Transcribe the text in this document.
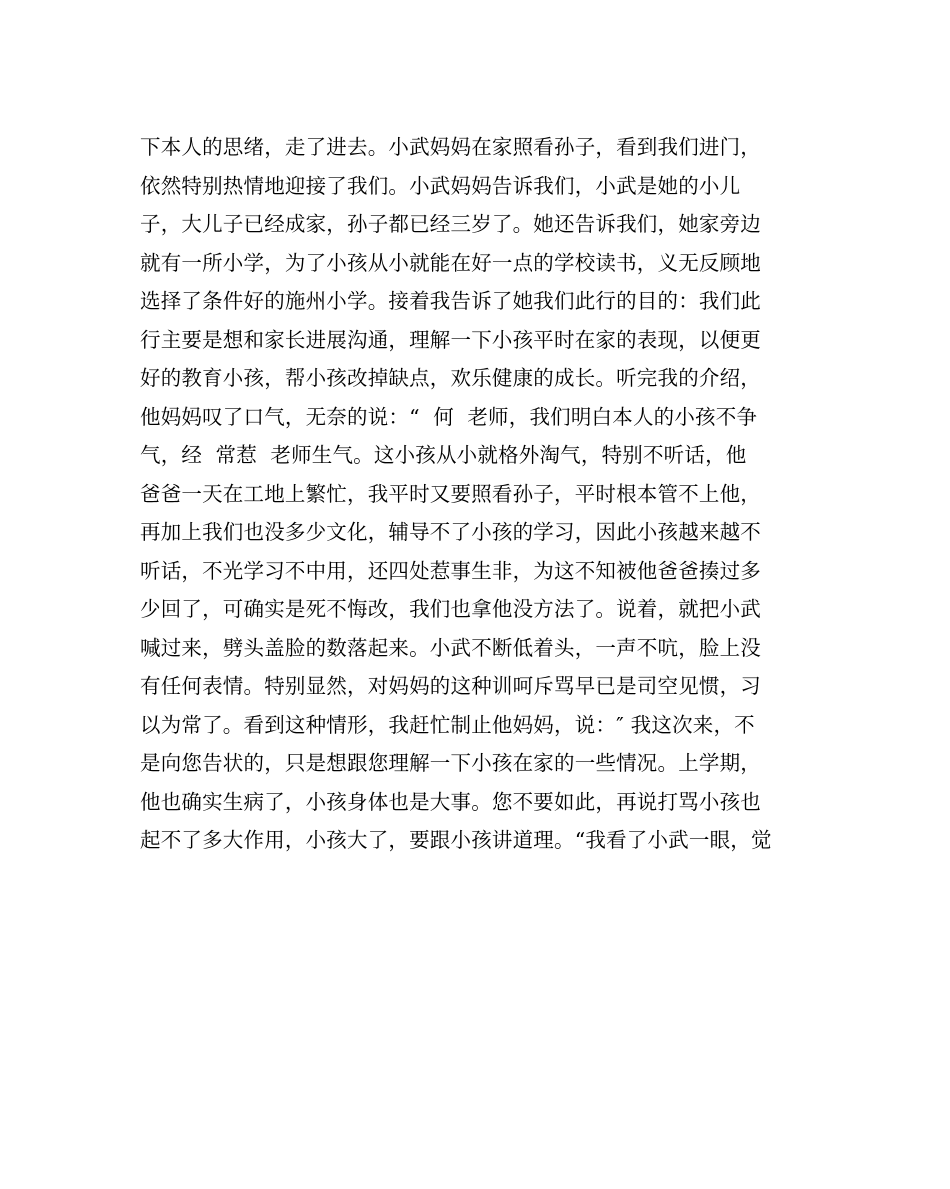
下本人的思绪，走了进去。小武妈妈在家照看孙子，看到我们进门，
依然特别热情地迎接了我们。小武妈妈告诉我们，小武是她的小儿
子，大儿子已经成家，孙子都已经三岁了。她还告诉我们，她家旁边
就有一所小学，为了小孩从小就能在好一点的学校读书，义无反顾地
选择了条件好的施州小学。接着我告诉了她我们此行的目的：我们此
行主要是想和家长进展沟通，理解一下小孩平时在家的表现，以便更
好的教育小孩，帮小孩改掉缺点，欢乐健康的成长。听完我的介绍，
他妈妈叹了口气，无奈的说：“  何  老师，我们明白本人的小孩不争
气，经  常惹  老师生气。这小孩从小就格外淘气，特别不听话，他
爸爸一天在工地上繁忙，我平时又要照看孙子，平时根本管不上他，
再加上我们也没多少文化，辅导不了小孩的学习，因此小孩越来越不
听话，不光学习不中用，还四处惹事生非，为这不知被他爸爸揍过多
少回了，可确实是死不悔改，我们也拿他没方法了。说着，就把小武
喊过来，劈头盖脸的数落起来。小武不断低着头，一声不吭，脸上没
有任何表情。特别显然，对妈妈的这种训呵斥骂早已是司空见惯，习
以为常了。看到这种情形，我赶忙制止他妈妈，说：″ 我这次来，不
是向您告状的，只是想跟您理解一下小孩在家的一些情况。上学期，
他也确实生病了，小孩身体也是大事。您不要如此，再说打骂小孩也
起不了多大作用，小孩大了，要跟小孩讲道理。“我看了小武一眼，觉
